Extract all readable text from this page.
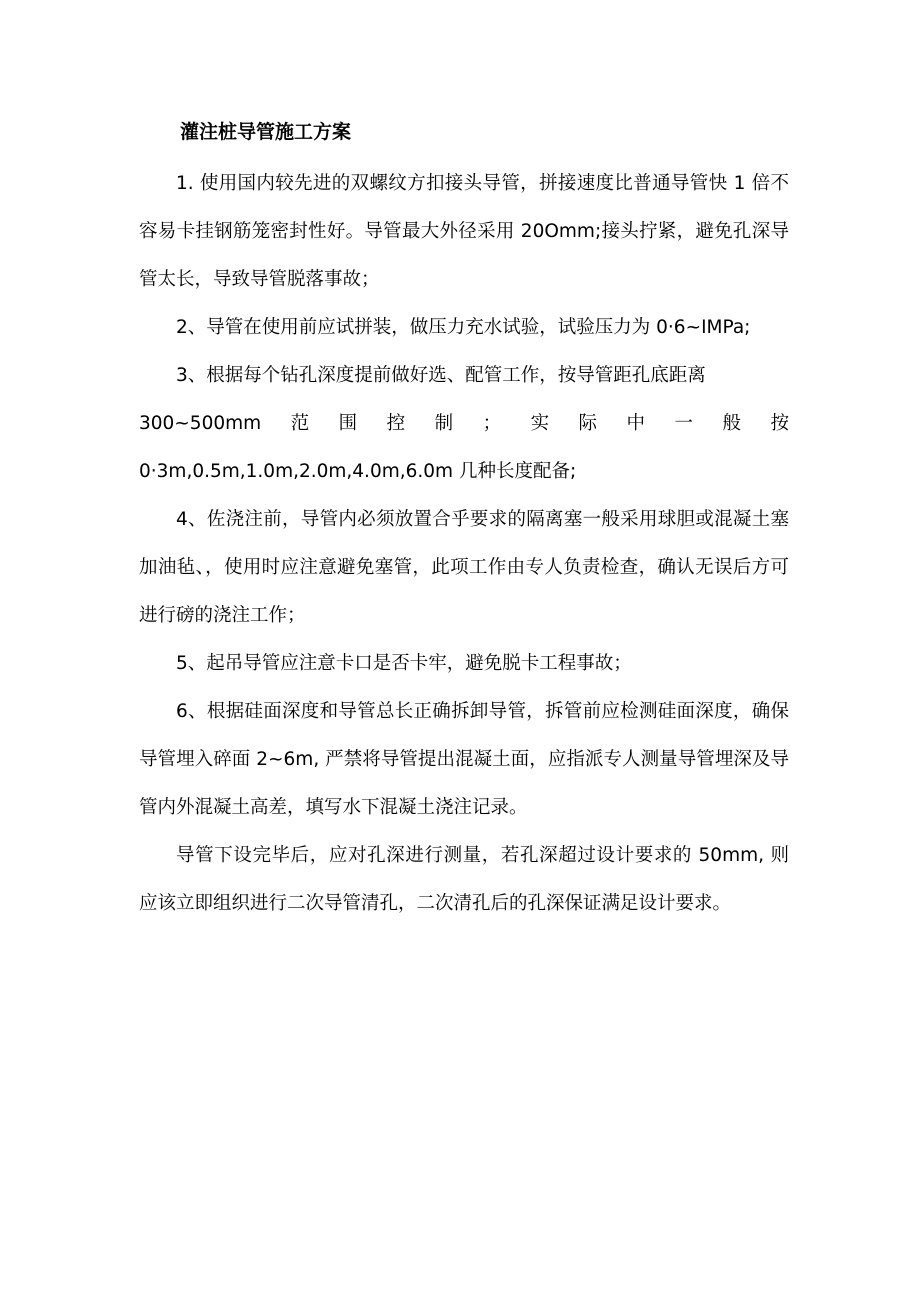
灌注桩导管施工方案

1. 使用国内较先进的双螺纹方扣接头导管，拼接速度比普通导管快 1 倍不容易卡挂钢筋笼密封性好。导管最大外径采用 20Omm;接头拧紧，避免孔深导管太长，导致导管脱落事故；

2、导管在使用前应试拼装，做压力充水试验，试验压力为 0·6~IMPa;

3、根据每个钻孔深度提前做好选、配管工作，按导管距孔底距离

300~500mm 范 围 控 制 ； 实 际 中 一 般 按
0·3m,0.5m,1.0m,2.0m,4.0m,6.0m 几种长度配备;

4、佐浇注前，导管内必须放置合乎要求的隔离塞一般采用球胆或混凝土塞加油毡、，使用时应注意避免塞管，此项工作由专人负责检查，确认无误后方可进行磅的浇注工作；

5、起吊导管应注意卡口是否卡牢，避免脱卡工程事故；

6、根据硅面深度和导管总长正确拆卸导管，拆管前应检测硅面深度，确保导管埋入碎面 2~6m, 严禁将导管提出混凝土面，应指派专人测量导管埋深及导管内外混凝土高差，填写水下混凝土浇注记录。

导管下设完毕后，应对孔深进行测量，若孔深超过设计要求的 50mm, 则应该立即组织进行二次导管清孔，二次清孔后的孔深保证满足设计要求。
